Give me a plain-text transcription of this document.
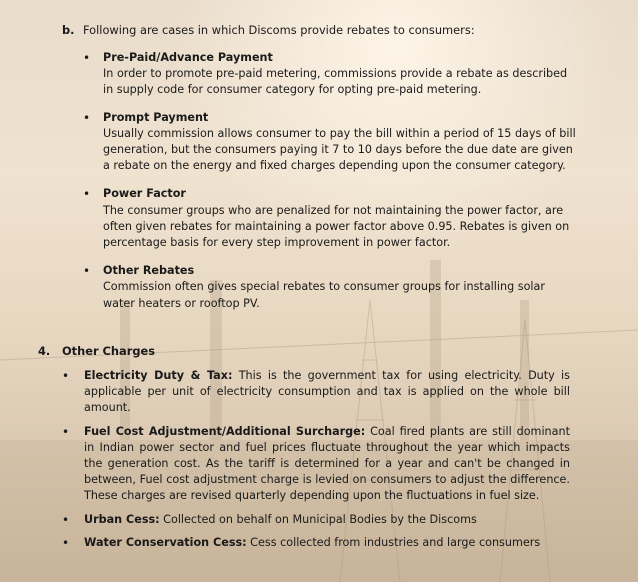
b. Following are cases in which Discoms provide rebates to consumers:
• Pre-Paid/Advance Payment
In order to promote pre-paid metering, commissions provide a rebate as described in supply code for consumer category for opting pre-paid metering.
• Prompt Payment
Usually commission allows consumer to pay the bill within a period of 15 days of bill generation, but the consumers paying it 7 to 10 days before the due date are given a rebate on the energy and fixed charges depending upon the consumer category.
• Power Factor
The consumer groups who are penalized for not maintaining the power factor, are often given rebates for maintaining a power factor above 0.95. Rebates is given on percentage basis for every step improvement in power factor.
• Other Rebates
Commission often gives special rebates to consumer groups for installing solar water heaters or rooftop PV.
4. Other Charges
• Electricity Duty & Tax: This is the government tax for using electricity. Duty is applicable per unit of electricity consumption and tax is applied on the whole bill amount.
• Fuel Cost Adjustment/Additional Surcharge: Coal fired plants are still dominant in Indian power sector and fuel prices fluctuate throughout the year which impacts the generation cost. As the tariff is determined for a year and can't be changed in between, Fuel cost adjustment charge is levied on consumers to adjust the difference. These charges are revised quarterly depending upon the fluctuations in fuel size.
• Urban Cess: Collected on behalf on Municipal Bodies by the Discoms
• Water Conservation Cess: Cess collected from industries and large consumers
